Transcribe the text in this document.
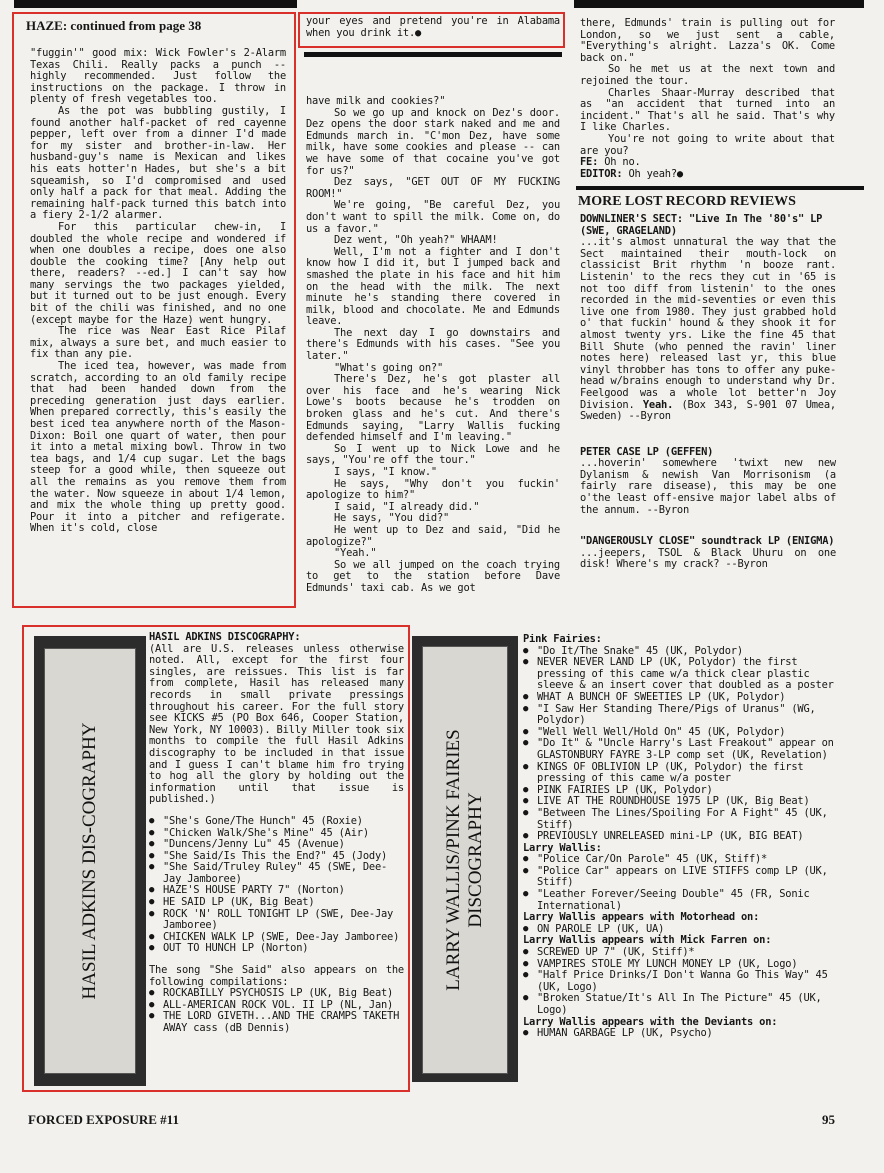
HAZE: continued from page 38

"fuggin'" good mix: Wick Fowler's 2-Alarm Texas Chili. Really packs a punch -- highly recommended. Just follow the instructions on the package. I throw in plenty of fresh vegetables too.

As the pot was bubbling gustily, I found another half-packet of red cayenne pepper, left over from a dinner I'd made for my sister and brother-in-law. Her husband-guy's name is Mexican and likes his eats hotter'n Hades, but she's a bit squeamish, so I'd compromised and used only half a pack for that meal. Adding the remaining half-pack turned this batch into a fiery 2-1/2 alarmer.

For this particular chew-in, I doubled the whole recipe and wondered if when one doubles a recipe, does one also double the cooking time? [Any help out there, readers? --ed.] I can't say how many servings the two packages yielded, but it turned out to be just enough. Every bit of the chili was finished, and no one (except maybe for the Haze) went hungry.

The rice was Near East Rice Pilaf mix, always a sure bet, and much easier to fix than any pie.

The iced tea, however, was made from scratch, according to an old family recipe that had been handed down from the preceding generation just days earlier. When prepared correctly, this's easily the best iced tea anywhere north of the Mason-Dixon: Boil one quart of water, then pour it into a metal mixing bowl. Throw in two tea bags, and 1/4 cup sugar. Let the bags steep for a good while, then squeeze out all the remains as you remove them from the water. Now squeeze in about 1/4 lemon, and mix the whole thing up pretty good. Pour it into a pitcher and refigerate. When it's cold, close

your eyes and pretend you're in Alabama when you drink it.●

have milk and cookies?"

So we go up and knock on Dez's door. Dez opens the door stark naked and me and Edmunds march in. "C'mon Dez, have some milk, have some cookies and please -- can we have some of that cocaine you've got for us?"

Dez says, "GET OUT OF MY FUCKING ROOM!"

We're going, "Be careful Dez, you don't want to spill the milk. Come on, do us a favor."

Dez went, "Oh yeah?" WHAAM!

Well, I'm not a fighter and I don't know how I did it, but I jumped back and smashed the plate in his face and hit him on the head with the milk. The next minute he's standing there covered in milk, blood and chocolate. Me and Edmunds leave.

The next day I go downstairs and there's Edmunds with his cases. "See you later."

"What's going on?"

There's Dez, he's got plaster all over his face and he's wearing Nick Lowe's boots because he's trodden on broken glass and he's cut. And there's Edmunds saying, "Larry Wallis fucking defended himself and I'm leaving."

So I went up to Nick Lowe and he says, "You're off the tour."

I says, "I know."

He says, "Why don't you fuckin' apologize to him?"

I said, "I already did."

He says, "You did?"

He went up to Dez and said, "Did he apologize?"

"Yeah."

So we all jumped on the coach trying to get to the station before Dave Edmunds' taxi cab. As we got

there, Edmunds' train is pulling out for London, so we just sent a cable, "Everything's alright. Lazza's OK. Come back on."

So he met us at the next town and rejoined the tour.

Charles Shaar-Murray described that as "an accident that turned into an incident." That's all he said. That's why I like Charles.

You're not going to write about that are you?

FE: Oh no.

EDITOR: Oh yeah?●

MORE LOST RECORD REVIEWS
DOWNLINER'S SECT: "Live In The '80's" LP (SWE, GRAGELAND)

...it's almost unnatural the way that the Sect maintained their mouth-lock on classicist Brit rhythm 'n booze rant. Listenin' to the recs they cut in '65 is not too diff from listenin' to the ones recorded in the mid-seventies or even this live one from 1980. They just grabbed hold o' that fuckin' hound & they shook it for almost twenty yrs. Like the fine 45 that Bill Shute (who penned the ravin' liner notes here) released last yr, this blue vinyl throbber has tons to offer any puke-head w/brains enough to understand why Dr. Feelgood was a whole lot better'n Joy Division. Yeah. (Box 343, S-901 07 Umea, Sweden) --Byron

PETER CASE LP (GEFFEN)

...hoverin' somewhere 'twixt new new Dylanism & newish Van Morrisonism (a fairly rare disease), this may be one o'the least off-ensive major label albs of the annum. --Byron

"DANGEROUSLY CLOSE" soundtrack LP (ENIGMA)

...jeepers, TSOL & Black Uhuru on one disk! Where's my crack? --Byron

HASIL ADKINS DIS-COGRAPHY
HASIL ADKINS DISCOGRAPHY:

(All are U.S. releases unless otherwise noted. All, except for the first four singles, are reissues. This list is far from complete, Hasil has released many records in small private pressings throughout his career. For the full story see KICKS #5 (PO Box 646, Cooper Station, New York, NY 10003). Billy Miller took six months to compile the full Hasil Adkins discography to be included in that issue and I guess I can't blame him fro trying to hog all the glory by holding out the information until that issue is published.)

● "She's Gone/The Hunch" 45 (Roxie)
● "Chicken Walk/She's Mine" 45 (Air)
● "Duncens/Jenny Lu" 45 (Avenue)
● "She Said/Is This the End?" 45 (Jody)
● "She Said/Truley Ruley" 45 (SWE, Dee-Jay Jamboree)
● HAZE'S HOUSE PARTY 7" (Norton)
● HE SAID LP (UK, Big Beat)
● ROCK 'N' ROLL TONIGHT LP (SWE, Dee-Jay Jamboree)
● CHICKEN WALK LP (SWE, Dee-Jay Jamboree)
● OUT TO HUNCH LP (Norton)

The song "She Said" also appears on the following compilations:

● ROCKABILLY PSYCHOSIS LP (UK, Big Beat)
● ALL-AMERICAN ROCK VOL. II LP (NL, Jan)
● THE LORD GIVETH...AND THE CRAMPS TAKETH AWAY cass (dB Dennis)
LARRY WALLIS/PINK FAIRIES
DISCOGRAPHY
Pink Fairies:
● "Do It/The Snake" 45 (UK, Polydor)
● NEVER NEVER LAND LP (UK, Polydor) the first pressing of this came w/a thick clear plastic sleeve & an insert cover that doubled as a poster
● WHAT A BUNCH OF SWEETIES LP (UK, Polydor)
● "I Saw Her Standing There/Pigs of Uranus" (WG, Polydor)
● "Well Well Well/Hold On" 45 (UK, Polydor)
● "Do It" & "Uncle Harry's Last Freakout" appear on GLASTONBURY FAYRE 3-LP comp set (UK, Revelation)
● KINGS OF OBLIVION LP (UK, Polydor) the first pressing of this came w/a poster
● PINK FAIRIES LP (UK, Polydor)
● LIVE AT THE ROUNDHOUSE 1975 LP (UK, Big Beat)
● "Between The Lines/Spoiling For A Fight" 45 (UK, Stiff)
● PREVIOUSLY UNRELEASED mini-LP (UK, BIG BEAT)
Larry Wallis:
● "Police Car/On Parole" 45 (UK, Stiff)*
● "Police Car" appears on LIVE STIFFS comp LP (UK, Stiff)
● "Leather Forever/Seeing Double" 45 (FR, Sonic International)
Larry Wallis appears with Motorhead on:
● ON PAROLE LP (UK, UA)
Larry Wallis appears with Mick Farren on:
● SCREWED UP 7" (UK, Stiff)*
● VAMPIRES STOLE MY LUNCH MONEY LP (UK, Logo)
● "Half Price Drinks/I Don't Wanna Go This Way" 45 (UK, Logo)
● "Broken Statue/It's All In The Picture" 45 (UK, Logo)
Larry Wallis appears with the Deviants on:
● HUMAN GARBAGE LP (UK, Psycho)
FORCED EXPOSURE #11	95
